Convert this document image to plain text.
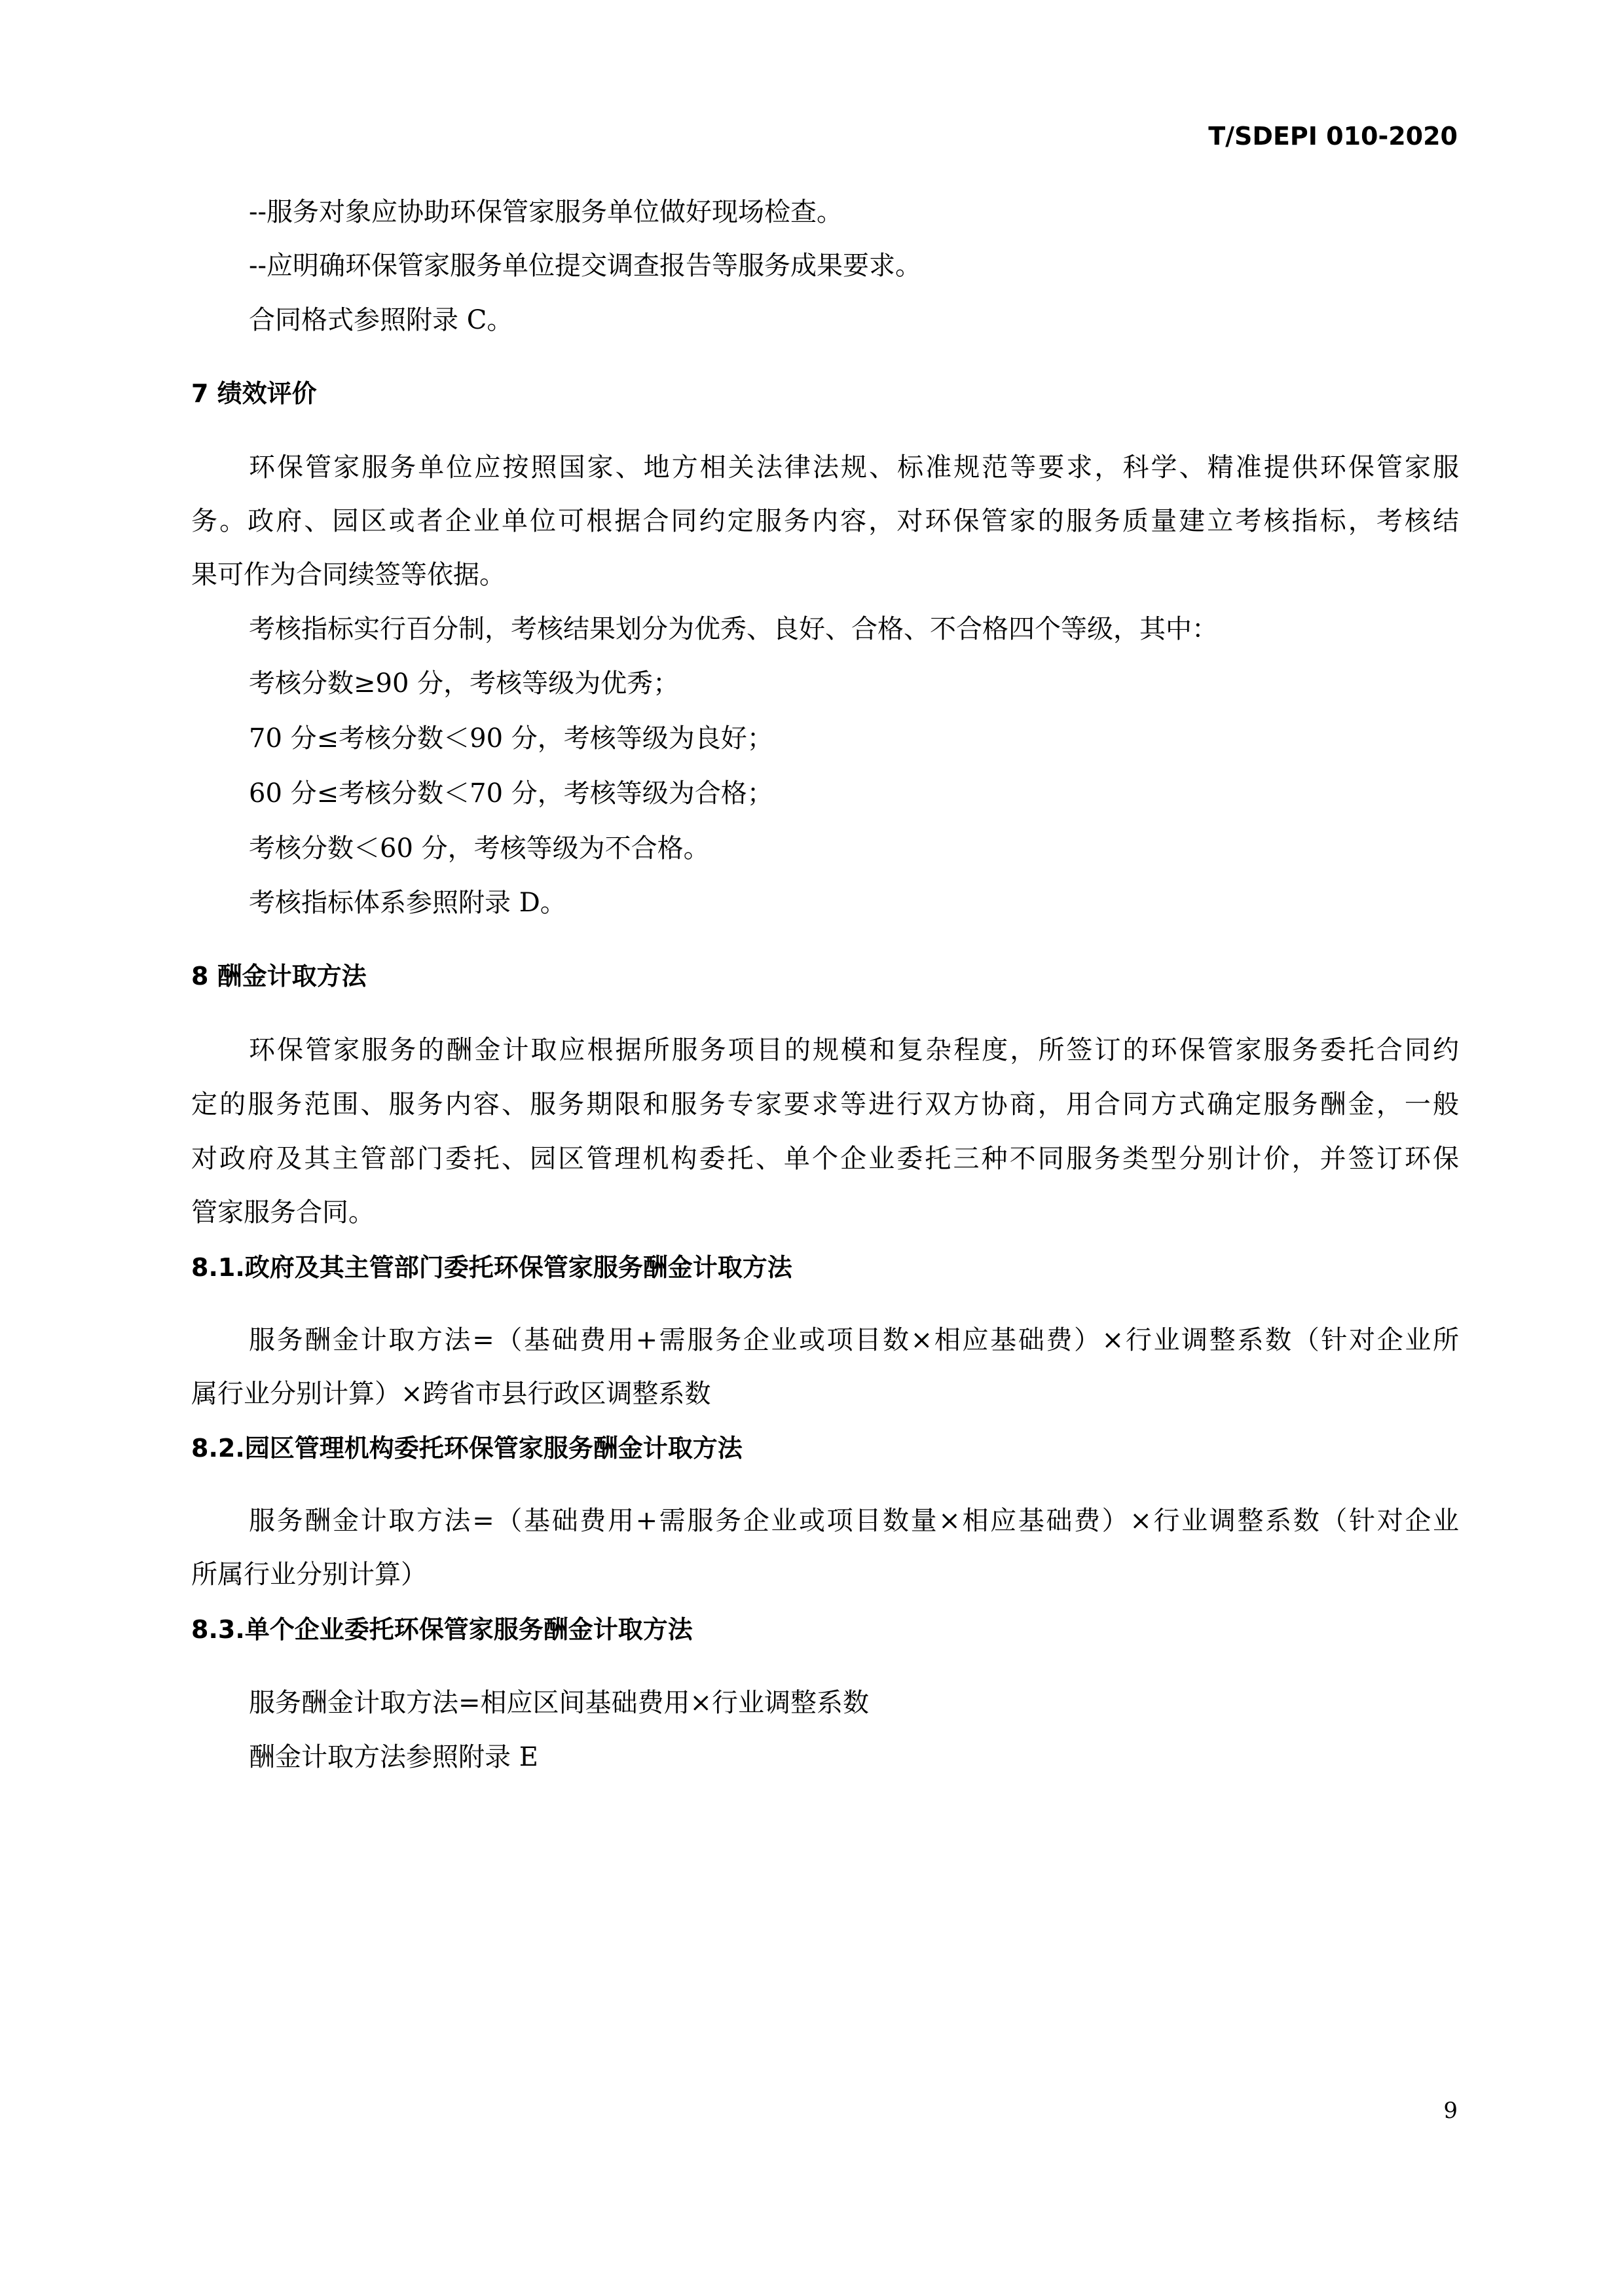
T/SDEPI 010-2020
--服务对象应协助环保管家服务单位做好现场检查。
--应明确环保管家服务单位提交调查报告等服务成果要求。
合同格式参照附录 C。
7 绩效评价
环保管家服务单位应按照国家、地方相关法律法规、标准规范等要求，科学、精准提供环保管家服
务。政府、园区或者企业单位可根据合同约定服务内容，对环保管家的服务质量建立考核指标，考核结
果可作为合同续签等依据。
考核指标实行百分制，考核结果划分为优秀、良好、合格、不合格四个等级，其中：
考核分数≥90 分，考核等级为优秀；
70 分≤考核分数＜90 分，考核等级为良好；
60 分≤考核分数＜70 分，考核等级为合格；
考核分数＜60 分，考核等级为不合格。
考核指标体系参照附录 D。
8 酬金计取方法
环保管家服务的酬金计取应根据所服务项目的规模和复杂程度，所签订的环保管家服务委托合同约
定的服务范围、服务内容、服务期限和服务专家要求等进行双方协商，用合同方式确定服务酬金，一般
对政府及其主管部门委托、园区管理机构委托、单个企业委托三种不同服务类型分别计价，并签订环保
管家服务合同。
8.1.政府及其主管部门委托环保管家服务酬金计取方法
服务酬金计取方法=（基础费用+需服务企业或项目数×相应基础费）×行业调整系数（针对企业所
属行业分别计算）×跨省市县行政区调整系数
8.2.园区管理机构委托环保管家服务酬金计取方法
服务酬金计取方法=（基础费用+需服务企业或项目数量×相应基础费）×行业调整系数（针对企业
所属行业分别计算）
8.3.单个企业委托环保管家服务酬金计取方法
服务酬金计取方法=相应区间基础费用×行业调整系数
酬金计取方法参照附录 E
9
